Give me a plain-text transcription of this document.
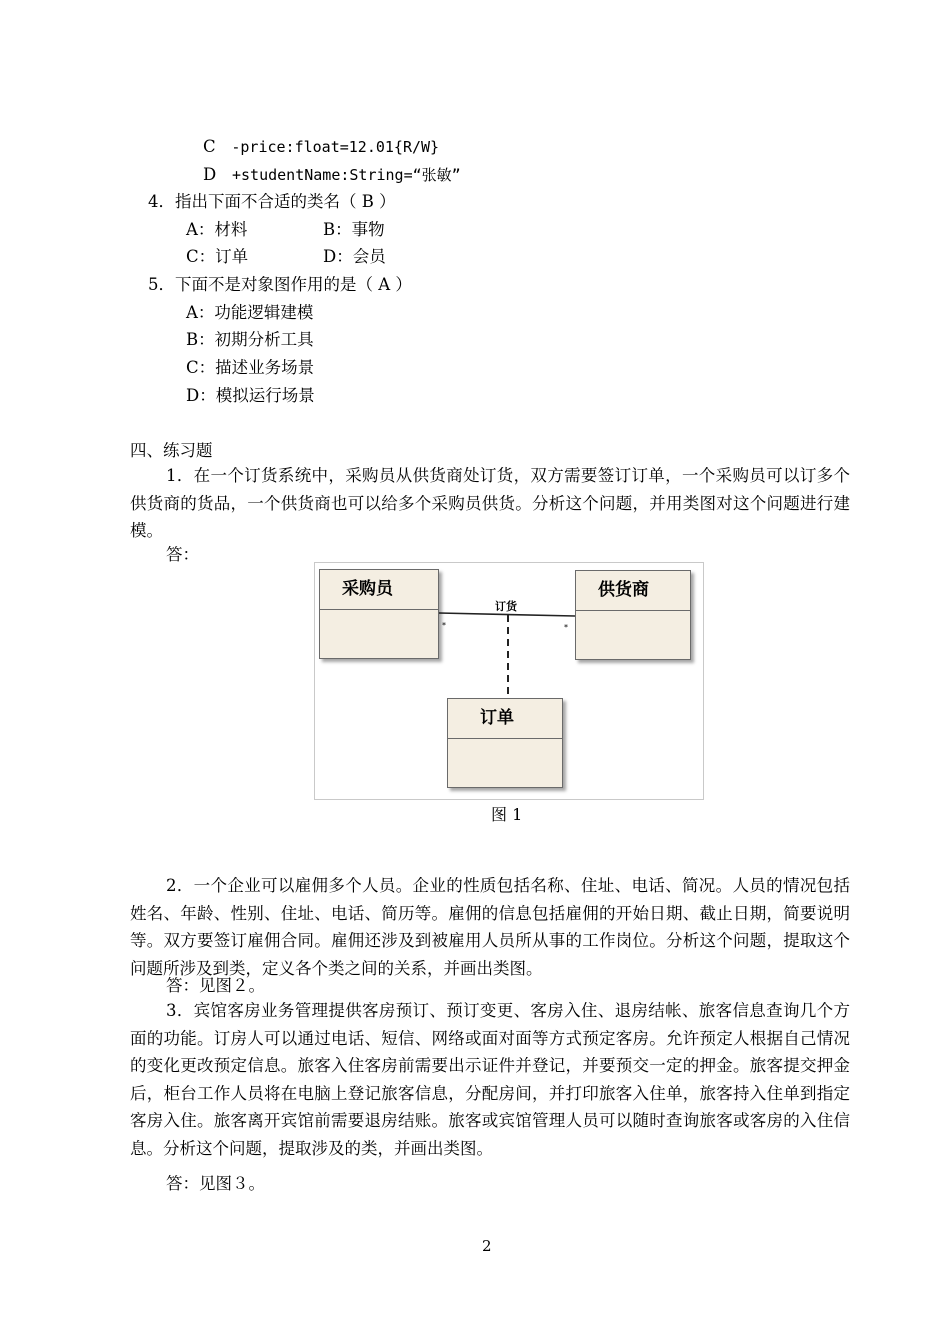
C -price:float=12.01{R/W}
D +studentName:String=“张敏”
4．指出下面不合适的类名（ B ）
A：材料	B：事物
C：订单	D：会员
5．下面不是对象图作用的是（ A ）
A：功能逻辑建模
B：初期分析工具
C：描述业务场景
D：模拟运行场景
四、练习题
1．在一个订货系统中，采购员从供货商处订货，双方需要签订订单，一个采购员可以订多个供货商的货品，一个供货商也可以给多个采购员供货。分析这个问题，并用类图对这个问题进行建模。
答：
采购员	供货商
订单
订货
*	*
图 1
2．一个企业可以雇佣多个人员。企业的性质包括名称、住址、电话、简况。人员的情况包括姓名、年龄、性别、住址、电话、简历等。雇佣的信息包括雇佣的开始日期、截止日期，简要说明等。双方要签订雇佣合同。雇佣还涉及到被雇用人员所从事的工作岗位。分析这个问题，提取这个问题所涉及到类，定义各个类之间的关系，并画出类图。
答：见图２。
3．宾馆客房业务管理提供客房预订、预订变更、客房入住、退房结帐、旅客信息查询几个方面的功能。订房人可以通过电话、短信、网络或面对面等方式预定客房。允许预定人根据自己情况的变化更改预定信息。旅客入住客房前需要出示证件并登记，并要预交一定的押金。旅客提交押金后，柜台工作人员将在电脑上登记旅客信息，分配房间，并打印旅客入住单，旅客持入住单到指定客房入住。旅客离开宾馆前需要退房结账。旅客或宾馆管理人员可以随时查询旅客或客房的入住信息。分析这个问题，提取涉及的类，并画出类图。
答：见图３。
2
